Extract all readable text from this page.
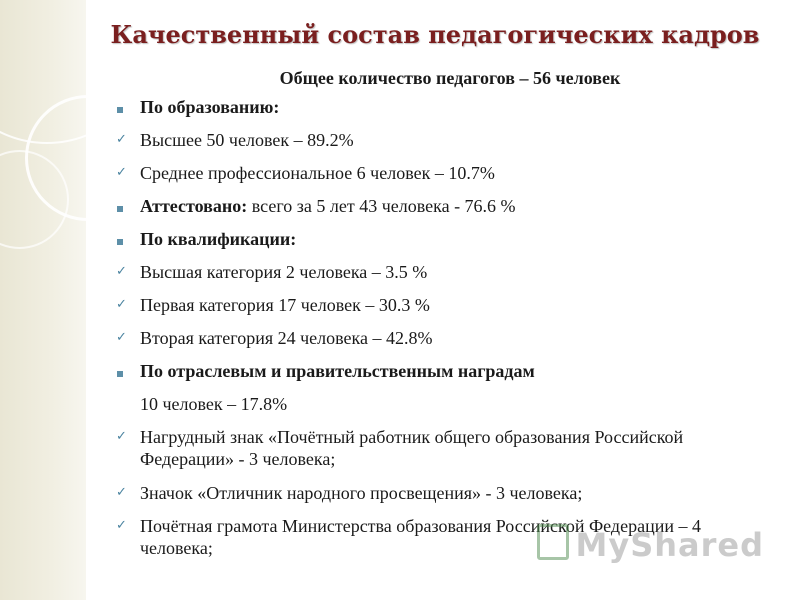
Качественный состав педагогических кадров
Общее количество педагогов – 56 человек
По образованию:
✓ Высшее 50 человек – 89.2%
✓ Среднее профессиональное 6 человек – 10.7%
Аттестовано: всего за 5 лет 43 человека - 76.6 %
По квалификации:
✓ Высшая категория 2 человека – 3.5 %
✓ Первая категория 17 человек – 30.3 %
✓ Вторая категория 24 человека – 42.8%
По отраслевым и правительственным наградам
10 человек – 17.8%
✓ Нагрудный знак «Почётный работник общего образования Российской Федерации» - 3 человека;
✓ Значок «Отличник народного просвещения» - 3 человека;
✓ Почётная грамота Министерства образования Российской Федерации – 4 человека;	MyShared
